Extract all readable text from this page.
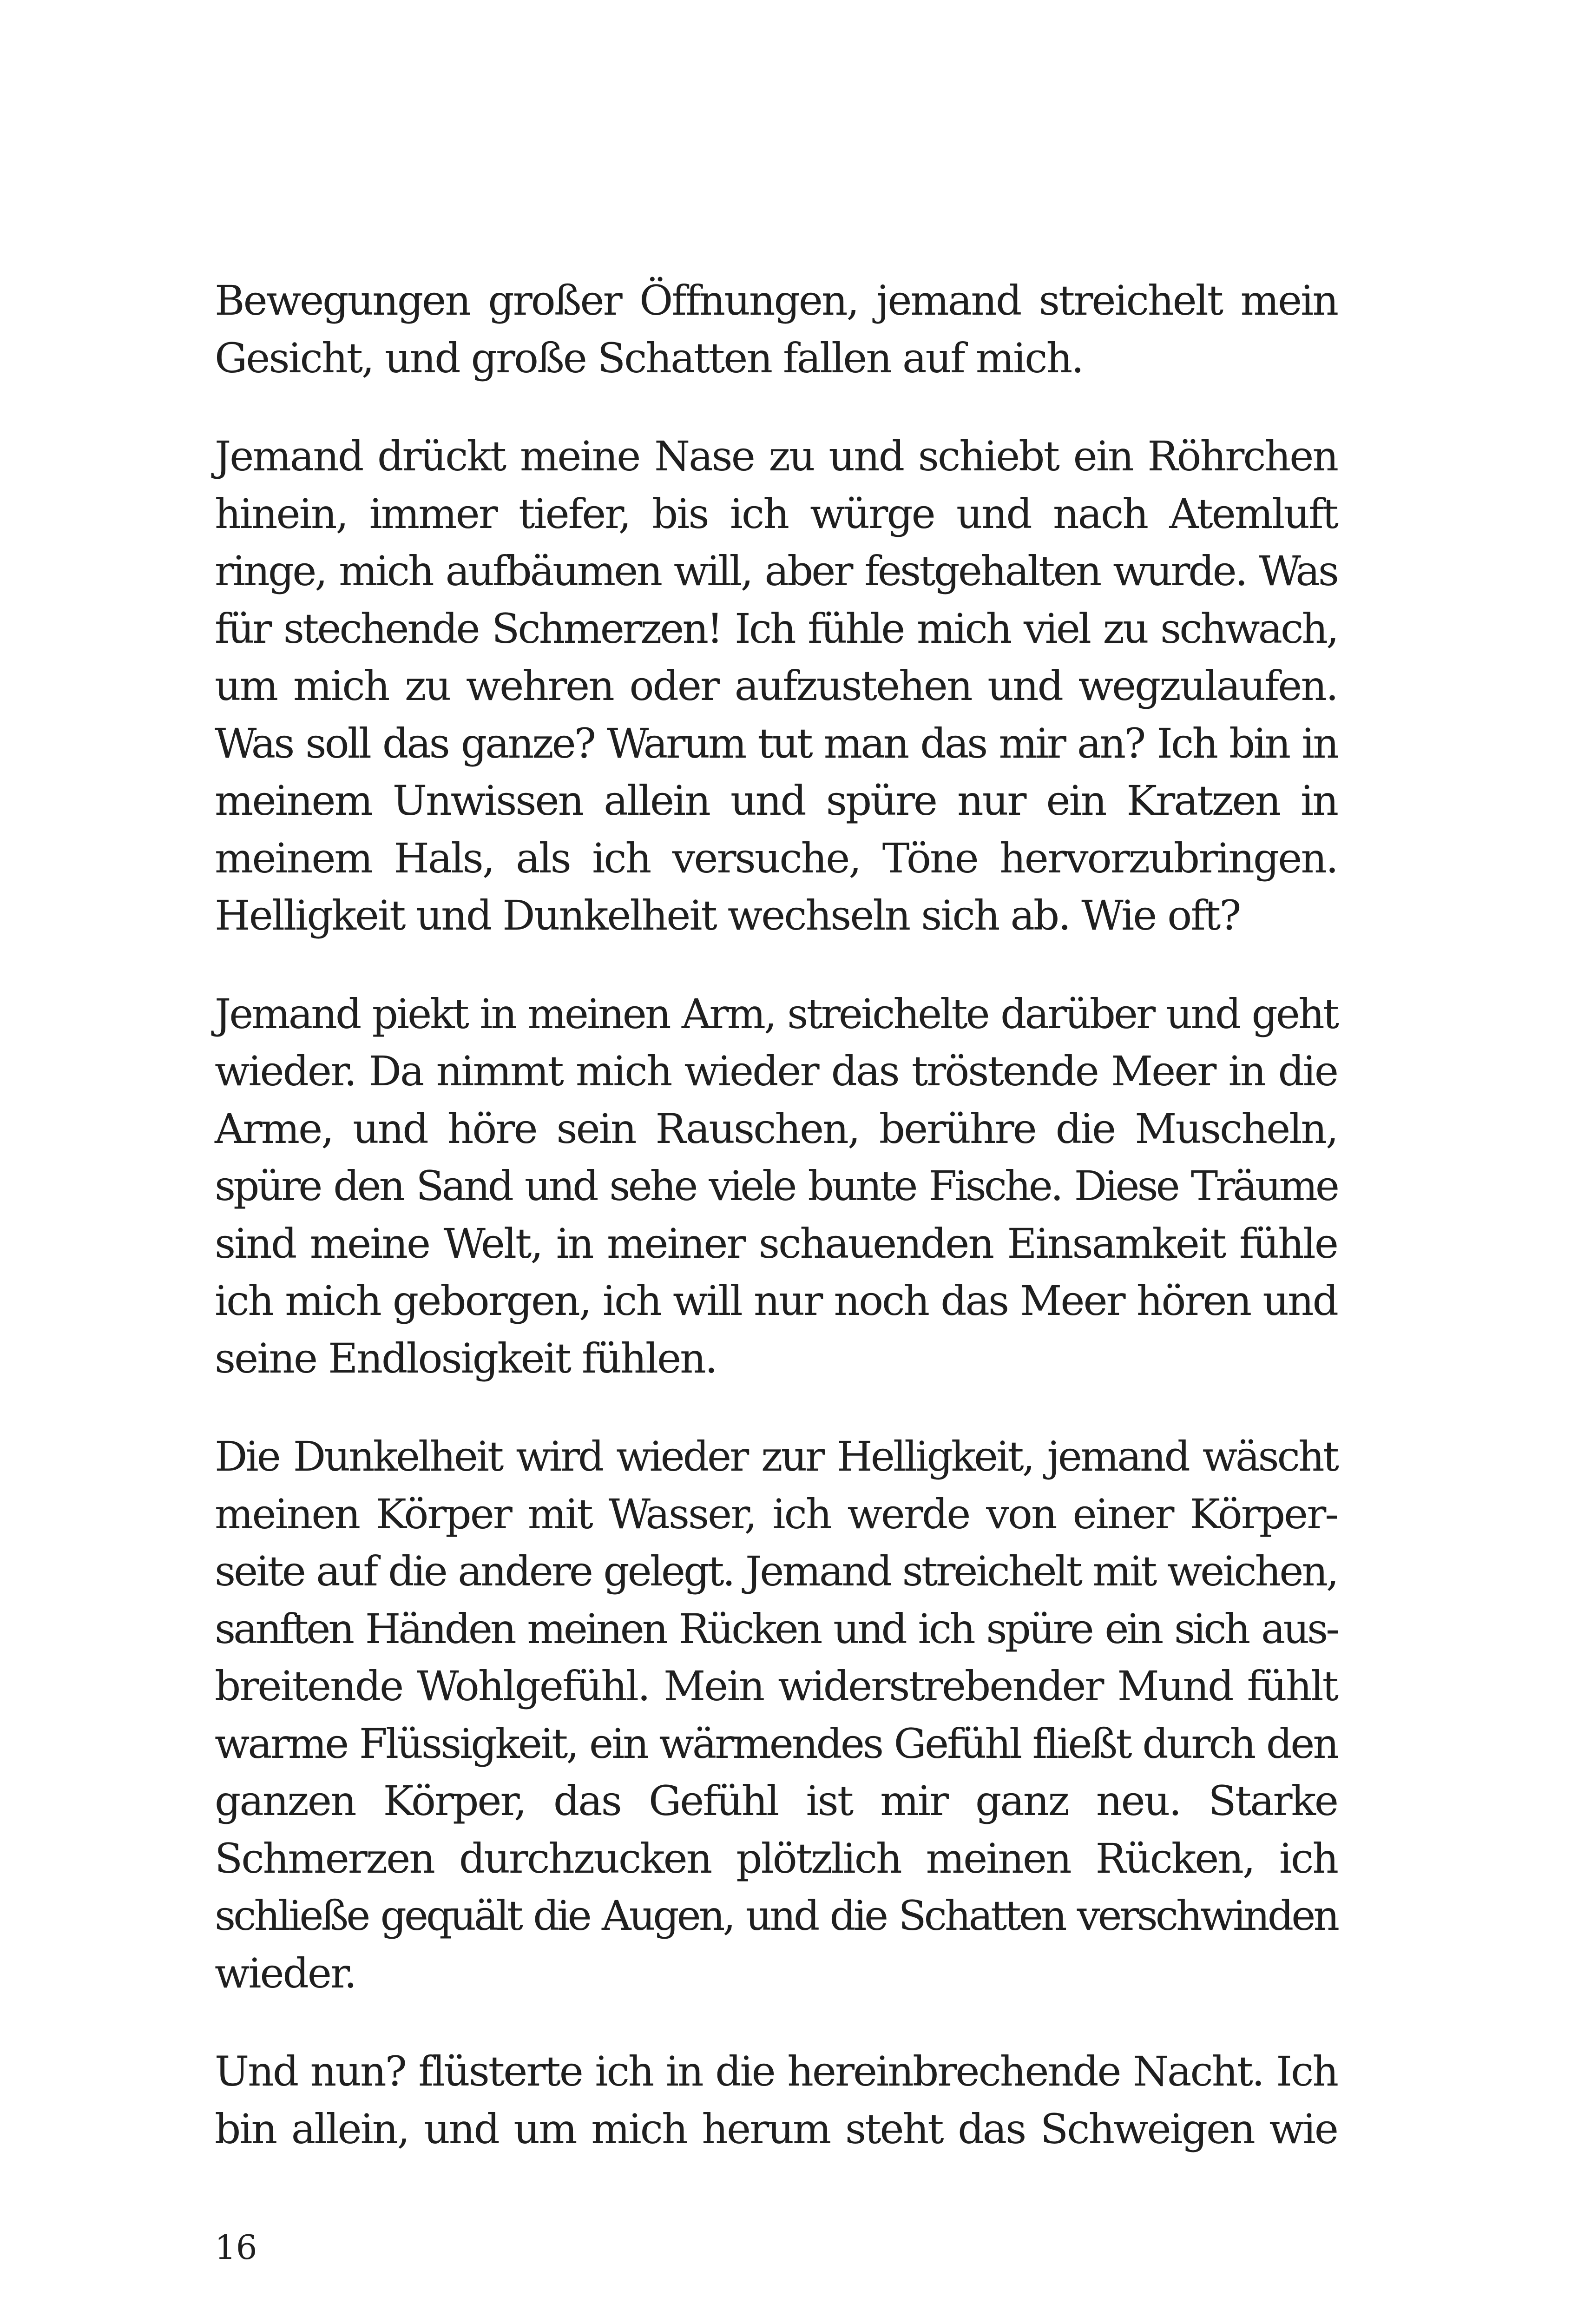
Bewegungen großer Öffnungen, jemand streichelt mein
Gesicht, und große Schatten fallen auf mich.

Jemand drückt meine Nase zu und schiebt ein Röhrchen
hinein, immer tiefer, bis ich würge und nach Atemluft
ringe, mich aufbäumen will, aber festgehalten wurde. Was
für stechende Schmerzen! Ich fühle mich viel zu schwach,
um mich zu wehren oder aufzustehen und wegzulaufen.
Was soll das ganze? Warum tut man das mir an? Ich bin in
meinem Unwissen allein und spüre nur ein Kratzen in
meinem Hals, als ich versuche, Töne hervorzubringen.
Helligkeit und Dunkelheit wechseln sich ab. Wie oft?

Jemand piekt in meinen Arm, streichelte darüber und geht
wieder. Da nimmt mich wieder das tröstende Meer in die
Arme, und höre sein Rauschen, berühre die Muscheln,
spüre den Sand und sehe viele bunte Fische. Diese Träume
sind meine Welt, in meiner schauenden Einsamkeit fühle
ich mich geborgen, ich will nur noch das Meer hören und
seine Endlosigkeit fühlen.

Die Dunkelheit wird wieder zur Helligkeit, jemand wäscht
meinen Körper mit Wasser, ich werde von einer Körper-
seite auf die andere gelegt. Jemand streichelt mit weichen,
sanften Händen meinen Rücken und ich spüre ein sich aus-
breitende Wohlgefühl. Mein widerstrebender Mund fühlt
warme Flüssigkeit, ein wärmendes Gefühl fließt durch den
ganzen Körper, das Gefühl ist mir ganz neu. Starke
Schmerzen durchzucken plötzlich meinen Rücken, ich
schließe gequält die Augen, und die Schatten verschwinden
wieder.

Und nun? flüsterte ich in die hereinbrechende Nacht. Ich
bin allein, und um mich herum steht das Schweigen wie

16
